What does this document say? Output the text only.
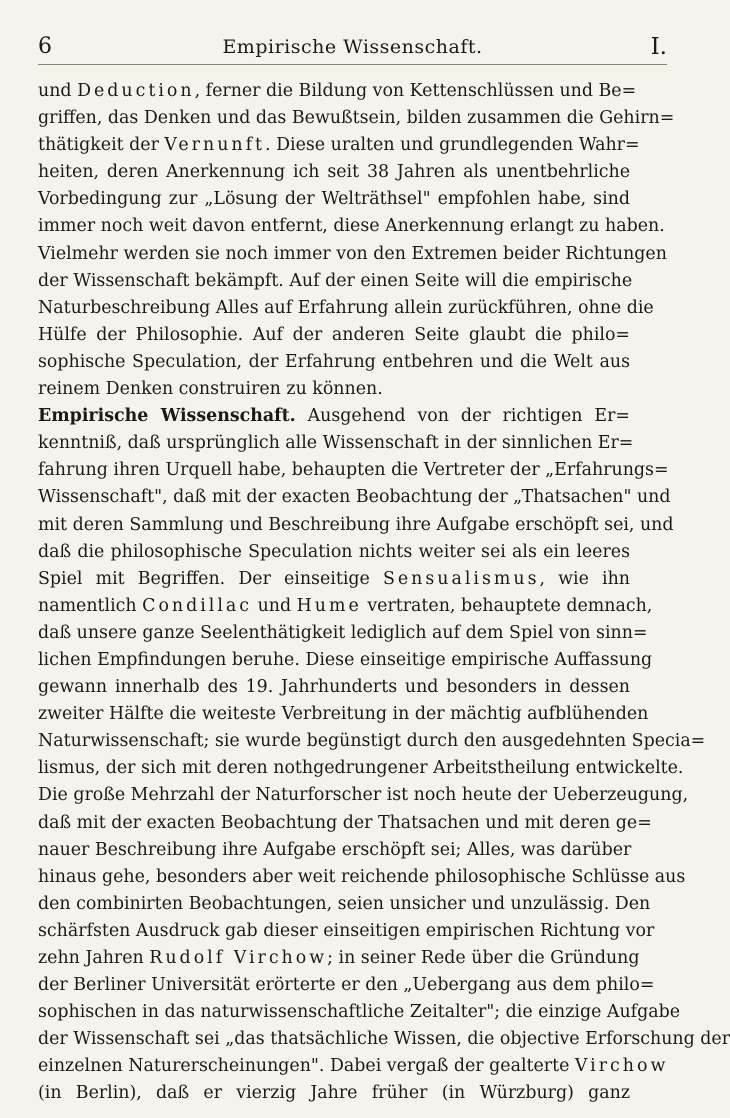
6	Empirische Wissenschaft.	I.
und Deduction, ferner die Bildung von Kettenschlüssen und Be=
griffen, das Denken und das Bewußtsein, bilden zusammen die Gehirn=
thätigkeit der Vernunft. Diese uralten und grundlegenden Wahr=
heiten, deren Anerkennung ich seit 38 Jahren als unentbehrliche
Vorbedingung zur „Lösung der Welträthsel" empfohlen habe, sind
immer noch weit davon entfernt, diese Anerkennung erlangt zu haben.
Vielmehr werden sie noch immer von den Extremen beider Richtungen
der Wissenschaft bekämpft. Auf der einen Seite will die empirische
Naturbeschreibung Alles auf Erfahrung allein zurückführen, ohne die
Hülfe der Philosophie. Auf der anderen Seite glaubt die philo=
sophische Speculation, der Erfahrung entbehren und die Welt aus
reinem Denken construiren zu können.
Empirische Wissenschaft. Ausgehend von der richtigen Er=
kenntniß, daß ursprünglich alle Wissenschaft in der sinnlichen Er=
fahrung ihren Urquell habe, behaupten die Vertreter der „Erfahrungs=
Wissenschaft", daß mit der exacten Beobachtung der „Thatsachen" und
mit deren Sammlung und Beschreibung ihre Aufgabe erschöpft sei, und
daß die philosophische Speculation nichts weiter sei als ein leeres
Spiel mit Begriffen. Der einseitige Sensualismus, wie ihn
namentlich Condillac und Hume vertraten, behauptete demnach,
daß unsere ganze Seelenthätigkeit lediglich auf dem Spiel von sinn=
lichen Empfindungen beruhe. Diese einseitige empirische Auffassung
gewann innerhalb des 19. Jahrhunderts und besonders in dessen
zweiter Hälfte die weiteste Verbreitung in der mächtig aufblühenden
Naturwissenschaft; sie wurde begünstigt durch den ausgedehnten Specia=
lismus, der sich mit deren nothgedrungener Arbeitstheilung entwickelte.
Die große Mehrzahl der Naturforscher ist noch heute der Ueberzeugung,
daß mit der exacten Beobachtung der Thatsachen und mit deren ge=
nauer Beschreibung ihre Aufgabe erschöpft sei; Alles, was darüber
hinaus gehe, besonders aber weit reichende philosophische Schlüsse aus
den combinirten Beobachtungen, seien unsicher und unzulässig. Den
schärfsten Ausdruck gab dieser einseitigen empirischen Richtung vor
zehn Jahren Rudolf Virchow; in seiner Rede über die Gründung
der Berliner Universität erörterte er den „Uebergang aus dem philo=
sophischen in das naturwissenschaftliche Zeitalter"; die einzige Aufgabe
der Wissenschaft sei „das thatsächliche Wissen, die objective Erforschung der
einzelnen Naturerscheinungen". Dabei vergaß der gealterte Virchow
(in Berlin), daß er vierzig Jahre früher (in Würzburg) ganz
